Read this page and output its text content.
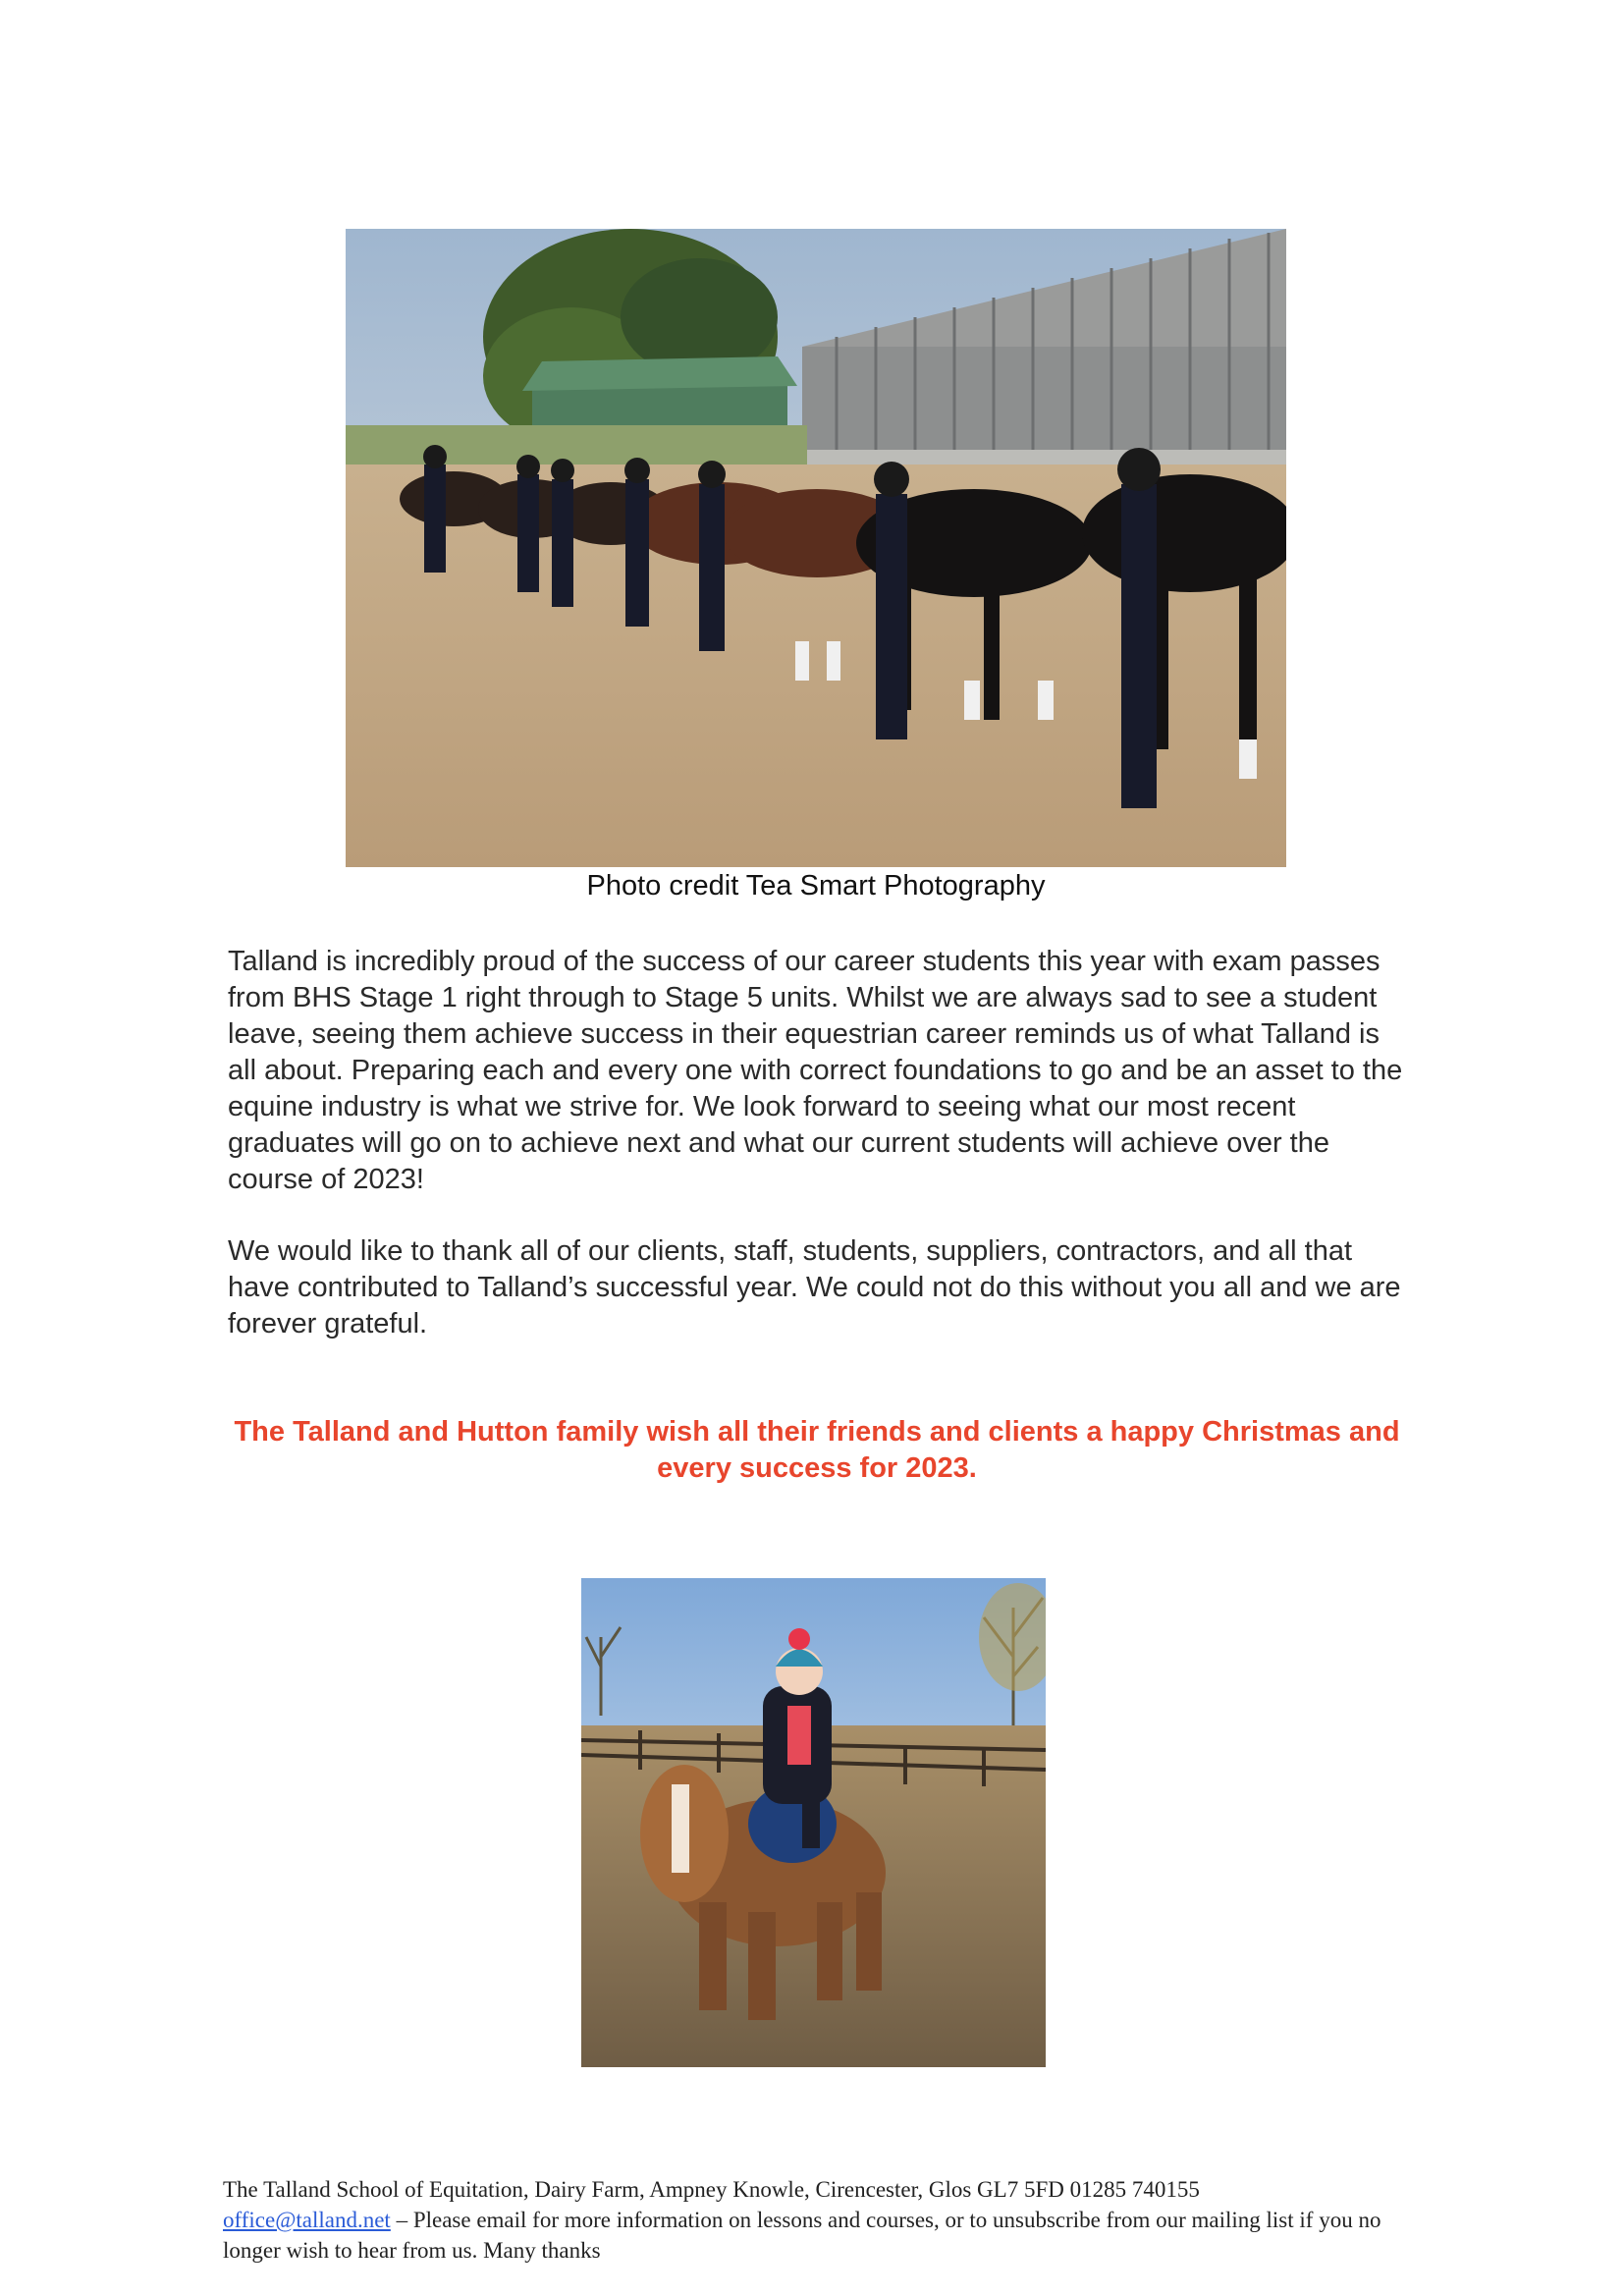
Photo credit Tea Smart Photography

Talland is incredibly proud of the success of our career students this year with exam passes from BHS Stage 1 right through to Stage 5 units. Whilst we are always sad to see a student leave, seeing them achieve success in their equestrian career reminds us of what Talland is all about. Preparing each and every one with correct foundations to go and be an asset to the equine industry is what we strive for. We look forward to seeing what our most recent graduates will go on to achieve next and what our current students will achieve over the course of 2023!

We would like to thank all of our clients, staff, students, suppliers, contractors, and all that have contributed to Talland’s successful year. We could not do this without you all and we are forever grateful.

The Talland and Hutton family wish all their friends and clients a happy Christmas and every success for 2023.

The Talland School of Equitation, Dairy Farm, Ampney Knowle, Cirencester, Glos GL7 5FD 01285 740155
office@talland.net – Please email for more information on lessons and courses, or to unsubscribe from our mailing list if you no longer wish to hear from us. Many thanks
